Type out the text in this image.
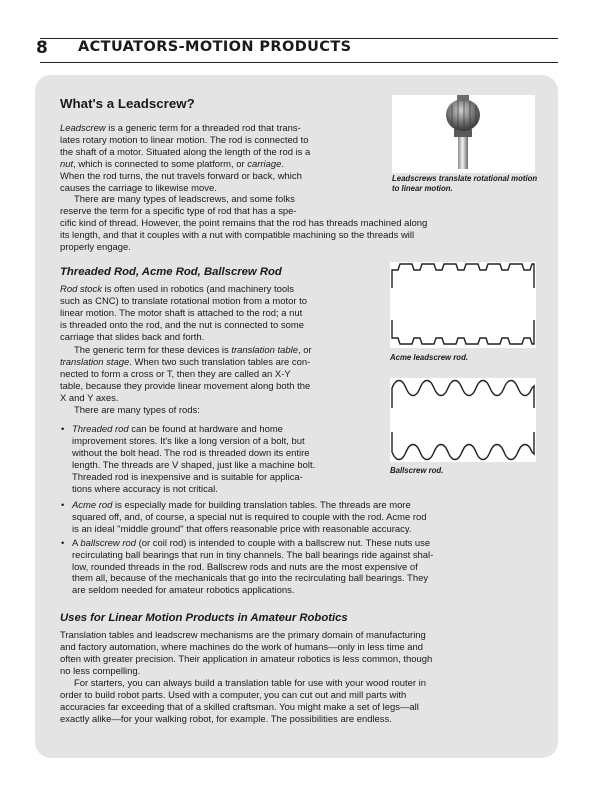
8 ACTUATORS-MOTION PRODUCTS
What's a Leadscrew?
Leadscrews translate rotational motion to linear motion.
Leadscrew is a generic term for a threaded rod that trans-
lates rotary motion to linear motion. The rod is connected to
the shaft of a motor. Situated along the length of the rod is a
nut, which is connected to some platform, or carriage.
When the rod turns, the nut travels forward or back, which
causes the carriage to likewise move.
There are many types of leadscrews, and some folks
reserve the term for a specific type of rod that has a spe-
cific kind of thread. However, the point remains that the rod has threads machined along
its length, and that it couples with a nut with compatible machining so the threads will
properly engage.
Threaded Rod, Acme Rod, Ballscrew Rod
Acme leadscrew rod.
Ballscrew rod.
Rod stock is often used in robotics (and machinery tools
such as CNC) to translate rotational motion from a motor to
linear motion. The motor shaft is attached to the rod; a nut
is threaded onto the rod, and the nut is connected to some
carriage that slides back and forth.
The generic term for these devices is translation table, or
translation stage. When two such translation tables are con-
nected to form a cross or T, then they are called an X-Y
table, because they provide linear movement along both the
X and Y axes.
There are many types of rods:
• Threaded rod can be found at hardware and home
improvement stores. It's like a long version of a bolt, but
without the bolt head. The rod is threaded down its entire
length. The threads are V shaped, just like a machine bolt.
Threaded rod is inexpensive and is suitable for applica-
tions where accuracy is not critical.
• Acme rod is especially made for building translation tables. The threads are more
squared off, and, of course, a special nut is required to couple with the rod. Acme rod
is an ideal "middle ground" that offers reasonable price with reasonable accuracy.
• A ballscrew rod (or coil rod) is intended to couple with a ballscrew nut. These nuts use
recirculating ball bearings that run in tiny channels. The ball bearings ride against shal-
low, rounded threads in the rod. Ballscrew rods and nuts are the most expensive of
them all, because of the mechanicals that go into the recirculating ball bearings. They
are seldom needed for amateur robotics applications.
Uses for Linear Motion Products in Amateur Robotics
Translation tables and leadscrew mechanisms are the primary domain of manufacturing
and factory automation, where machines do the work of humans—only in less time and
often with greater precision. Their application in amateur robotics is less common, though
no less compelling.
For starters, you can always build a translation table for use with your wood router in
order to build robot parts. Used with a computer, you can cut out and mill parts with
accuracies far exceeding that of a skilled craftsman. You might make a set of legs—all
exactly alike—for your walking robot, for example. The possibilities are endless.
